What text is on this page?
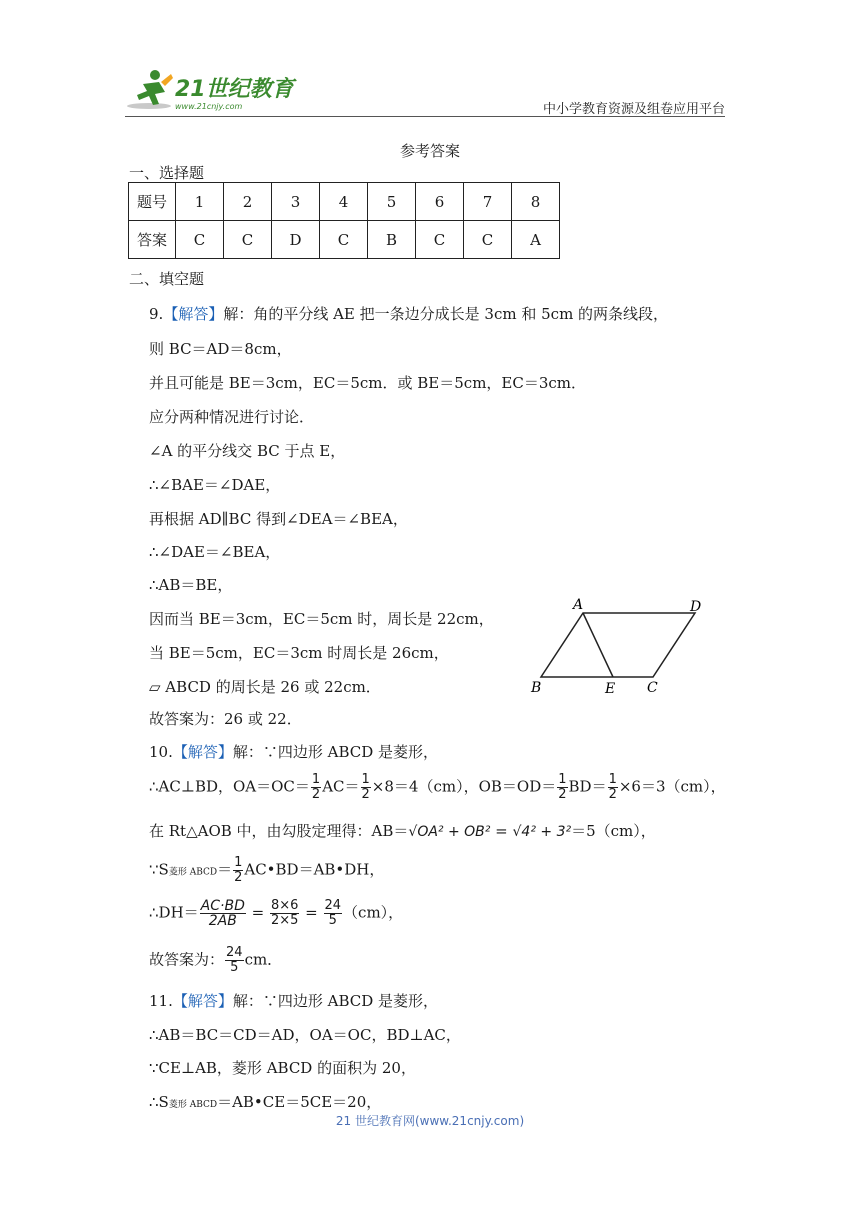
21世纪教育
www.21cnjy.com	中小学教育资源及组卷应用平台
参考答案
一、选择题
题号	1	2	3	4	5	6	7	8
答案	C	C	D	C	B	C	C	A
二、填空题
9.【解答】解：角的平分线 AE 把一条边分成长是 3cm 和 5cm 的两条线段，
则 BC＝AD＝8cm，
并且可能是 BE＝3cm，EC＝5cm．或 BE＝5cm，EC＝3cm．
应分两种情况进行讨论．
∠A 的平分线交 BC 于点 E，
∴∠BAE＝∠DAE，
再根据 AD∥BC 得到∠DEA＝∠BEA，
∴∠DAE＝∠BEA，
∴AB＝BE，
因而当 BE＝3cm，EC＝5cm 时，周长是 22cm，
当 BE＝5cm，EC＝3cm 时周长是 26cm，
▱ ABCD 的周长是 26 或 22cm．
故答案为：26 或 22．
A	D
B	E C
10.【解答】解：∵四边形 ABCD 是菱形，
∴AC⊥BD，$OA=OC= \frac{1}{2} AC= \frac{1}{2} \times 8=4(cm)$，$OB=OD= \frac{1}{2} BD= \frac{1}{2} \times 6=3(cm)$，
在 Rt△AOB 中，由勾股定理得：AB＝√OA² + OB² = √4² + 3²＝5（cm），
∵S菱形 ABCD＝ $\frac{1}{2}$ AC•BD＝AB•DH，
∴DH＝ $\frac{AC\cdot BD}{2AB} = \frac{8\times 6}{2\times 5} = \frac{24}{5} (cm)$，
故答案为： $\frac{24}{5}$ cm．
11.【解答】解：∵四边形 ABCD 是菱形，
∴AB＝BC＝CD＝AD，OA＝OC，BD⊥AC，
∵CE⊥AB，菱形 ABCD 的面积为 20，
∴S菱形 ABCD＝AB•CE＝5CE＝20，
21 世纪教育网(www.21cnjy.com)
